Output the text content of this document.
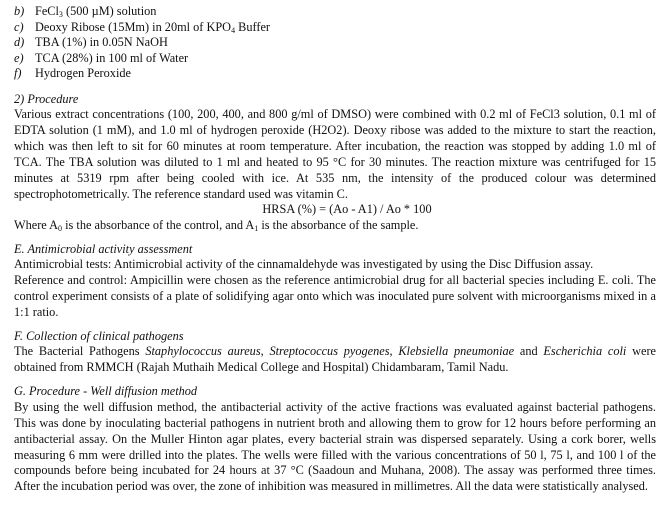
b) FeCl$_3$ (500 µM) solution
c) Deoxy Ribose (15Mm) in 20ml of $KPO_4$ Buffer
d) TBA (1%) in 0.05N NaOH
e) TCA (28%) in 100 ml of Water
f) Hydrogen Peroxide
2) Procedure

Various extract concentrations (100, 200, 400, and 800 g/ml of DMSO) were combined with 0.2 ml of FeCl3 solution, 0.1 ml of EDTA solution (1 mM), and 1.0 ml of hydrogen peroxide (H2O2). Deoxy ribose was added to the mixture to start the reaction, which was then left to sit for 60 minutes at room temperature. After incubation, the reaction was stopped by adding 1.0 ml of TCA. The TBA solution was diluted to 1 ml and heated to 95 °C for 30 minutes. The reaction mixture was centrifuged for 15 minutes at 5319 rpm after being cooled with ice. At 535 nm, the intensity of the produced colour was determined spectrophotometrically. The reference standard used was vitamin C.

HRSA (%) = (Ao - A1) / Ao * 100

Where $A_0$ is the absorbance of the control, and $A_1$ is the absorbance of the sample.

E. Antimicrobial activity assessment

Antimicrobial tests: Antimicrobial activity of the cinnamaldehyde was investigated by using the Disc Diffusion assay.

Reference and control: Ampicillin were chosen as the reference antimicrobial drug for all bacterial species including E. coli. The control experiment consists of a plate of solidifying agar onto which was inoculated pure solvent with microorganisms mixed in a 1:1 ratio.

F. Collection of clinical pathogens

The Bacterial Pathogens Staphylococcus aureus, Streptococcus pyogenes, Klebsiella pneumoniae and Escherichia coli were obtained from RMMCH (Rajah Muthaih Medical College and Hospital) Chidambaram, Tamil Nadu.

G. Procedure - Well diffusion method

By using the well diffusion method, the antibacterial activity of the active fractions was evaluated against bacterial pathogens. This was done by inoculating bacterial pathogens in nutrient broth and allowing them to grow for 12 hours before performing an antibacterial assay. On the Muller Hinton agar plates, every bacterial strain was dispersed separately. Using a cork borer, wells measuring 6 mm were drilled into the plates. The wells were filled with the various concentrations of 50 l, 75 l, and 100 l of the compounds before being incubated for 24 hours at 37 °C (Saadoun and Muhana, 2008). The assay was performed three times. After the incubation period was over, the zone of inhibition was measured in millimetres. All the data were statistically analysed.
